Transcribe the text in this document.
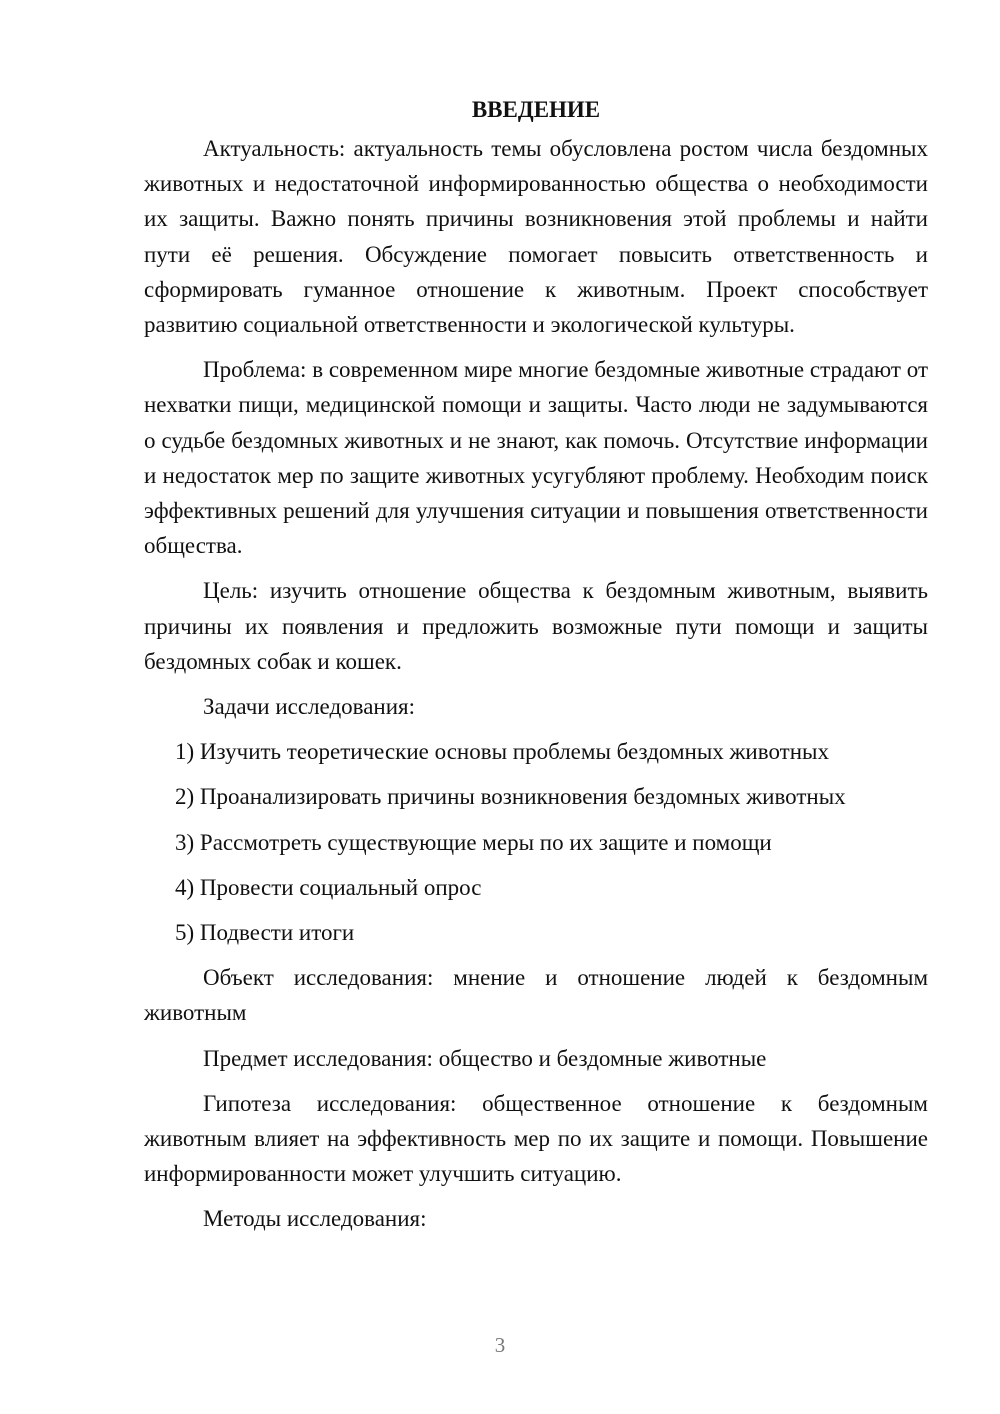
ВВЕДЕНИЕ

Актуальность: актуальность темы обусловлена ростом числа бездомных животных и недостаточной информированностью общества о необходимости их защиты. Важно понять причины возникновения этой проблемы и найти пути её решения. Обсуждение помогает повысить ответственность и сформировать гуманное отношение к животным. Проект способствует развитию социальной ответственности и экологической культуры.

Проблема: в современном мире многие бездомные животные страдают от нехватки пищи, медицинской помощи и защиты. Часто люди не задумываются о судьбе бездомных животных и не знают, как помочь. Отсутствие информации и недостаток мер по защите животных усугубляют проблему. Необходим поиск эффективных решений для улучшения ситуации и повышения ответственности общества.

Цель: изучить отношение общества к бездомным животным, выявить причины их появления и предложить возможные пути помощи и защиты бездомных собак и кошек.

Задачи исследования:

1) Изучить теоретические основы проблемы бездомных животных
2) Проанализировать причины возникновения бездомных животных
3) Рассмотреть существующие меры по их защите и помощи
4) Провести социальный опрос
5) Подвести итоги

Объект исследования: мнение и отношение людей к бездомным животным

Предмет исследования: общество и бездомные животные

Гипотеза исследования: общественное отношение к бездомным животным влияет на эффективность мер по их защите и помощи. Повышение информированности может улучшить ситуацию.

Методы исследования:

3
